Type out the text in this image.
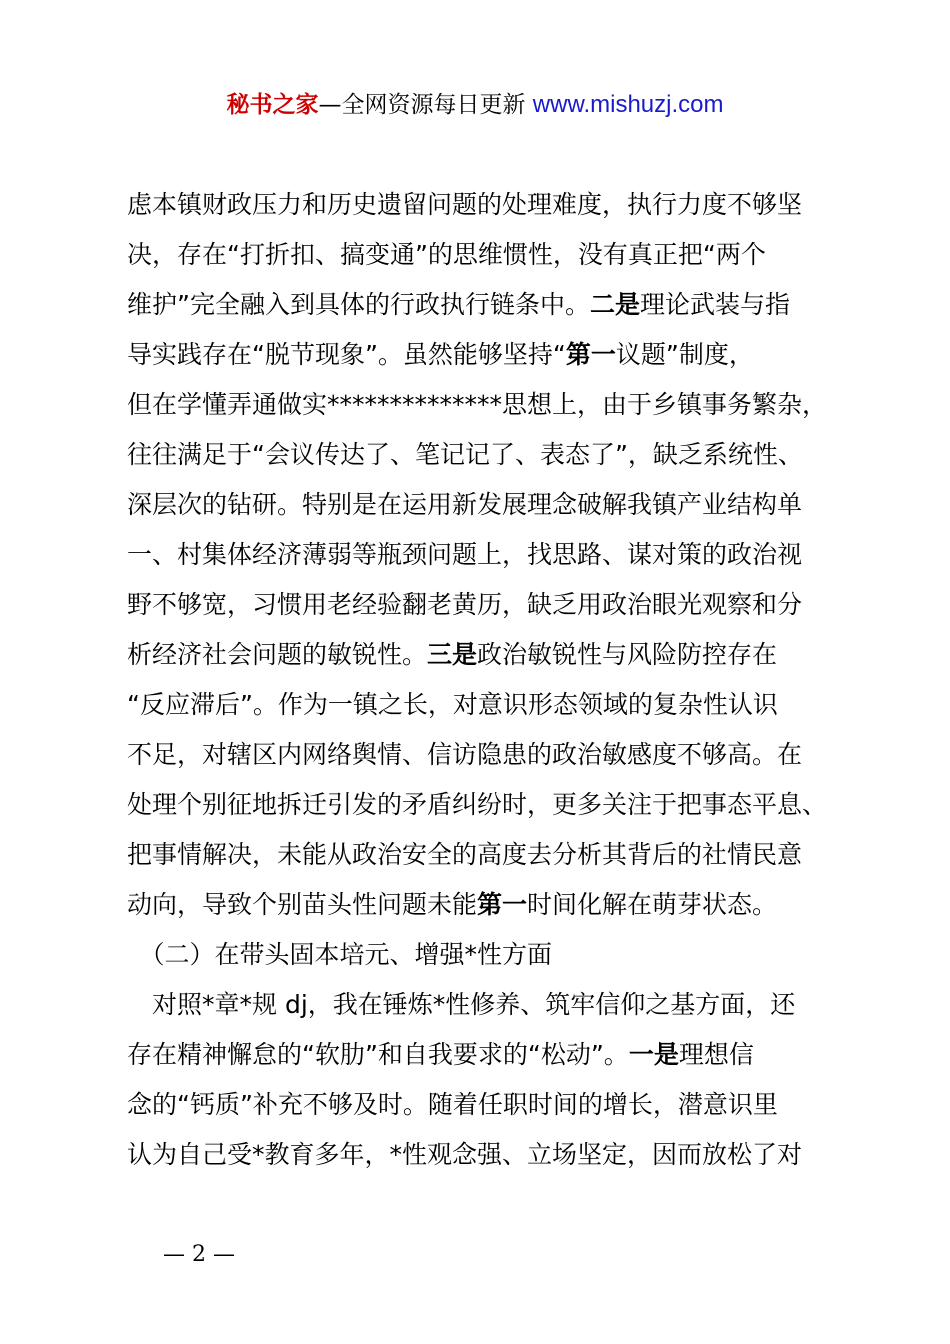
秘书之家—全网资源每日更新 www.mishuzj.com
虑本镇财政压力和历史遗留问题的处理难度，执行力度不够坚
决，存在“打折扣、搞变通”的思维惯性，没有真正把“两个
维护”完全融入到具体的行政执行链条中。二是理论武装与指
导实践存在“脱节现象”。虽然能够坚持“第一议题”制度，
但在学懂弄通做实**************思想上，由于乡镇事务繁杂，
往往满足于“会议传达了、笔记记了、表态了”，缺乏系统性、
深层次的钻研。特别是在运用新发展理念破解我镇产业结构单
一、村集体经济薄弱等瓶颈问题上，找思路、谋对策的政治视
野不够宽，习惯用老经验翻老黄历，缺乏用政治眼光观察和分
析经济社会问题的敏锐性。三是政治敏锐性与风险防控存在
“反应滞后”。作为一镇之长，对意识形态领域的复杂性认识
不足，对辖区内网络舆情、信访隐患的政治敏感度不够高。在
处理个别征地拆迁引发的矛盾纠纷时，更多关注于把事态平息、
把事情解决，未能从政治安全的高度去分析其背后的社情民意
动向，导致个别苗头性问题未能第一时间化解在萌芽状态。
　（二）在带头固本培元、增强*性方面
　对照*章*规 dj，我在锤炼*性修养、筑牢信仰之基方面，还
存在精神懈怠的“软肋”和自我要求的“松动”。一是理想信
念的“钙质”补充不够及时。随着任职时间的增长，潜意识里
认为自己受*教育多年，*性观念强、立场坚定，因而放松了对
— 2 —
